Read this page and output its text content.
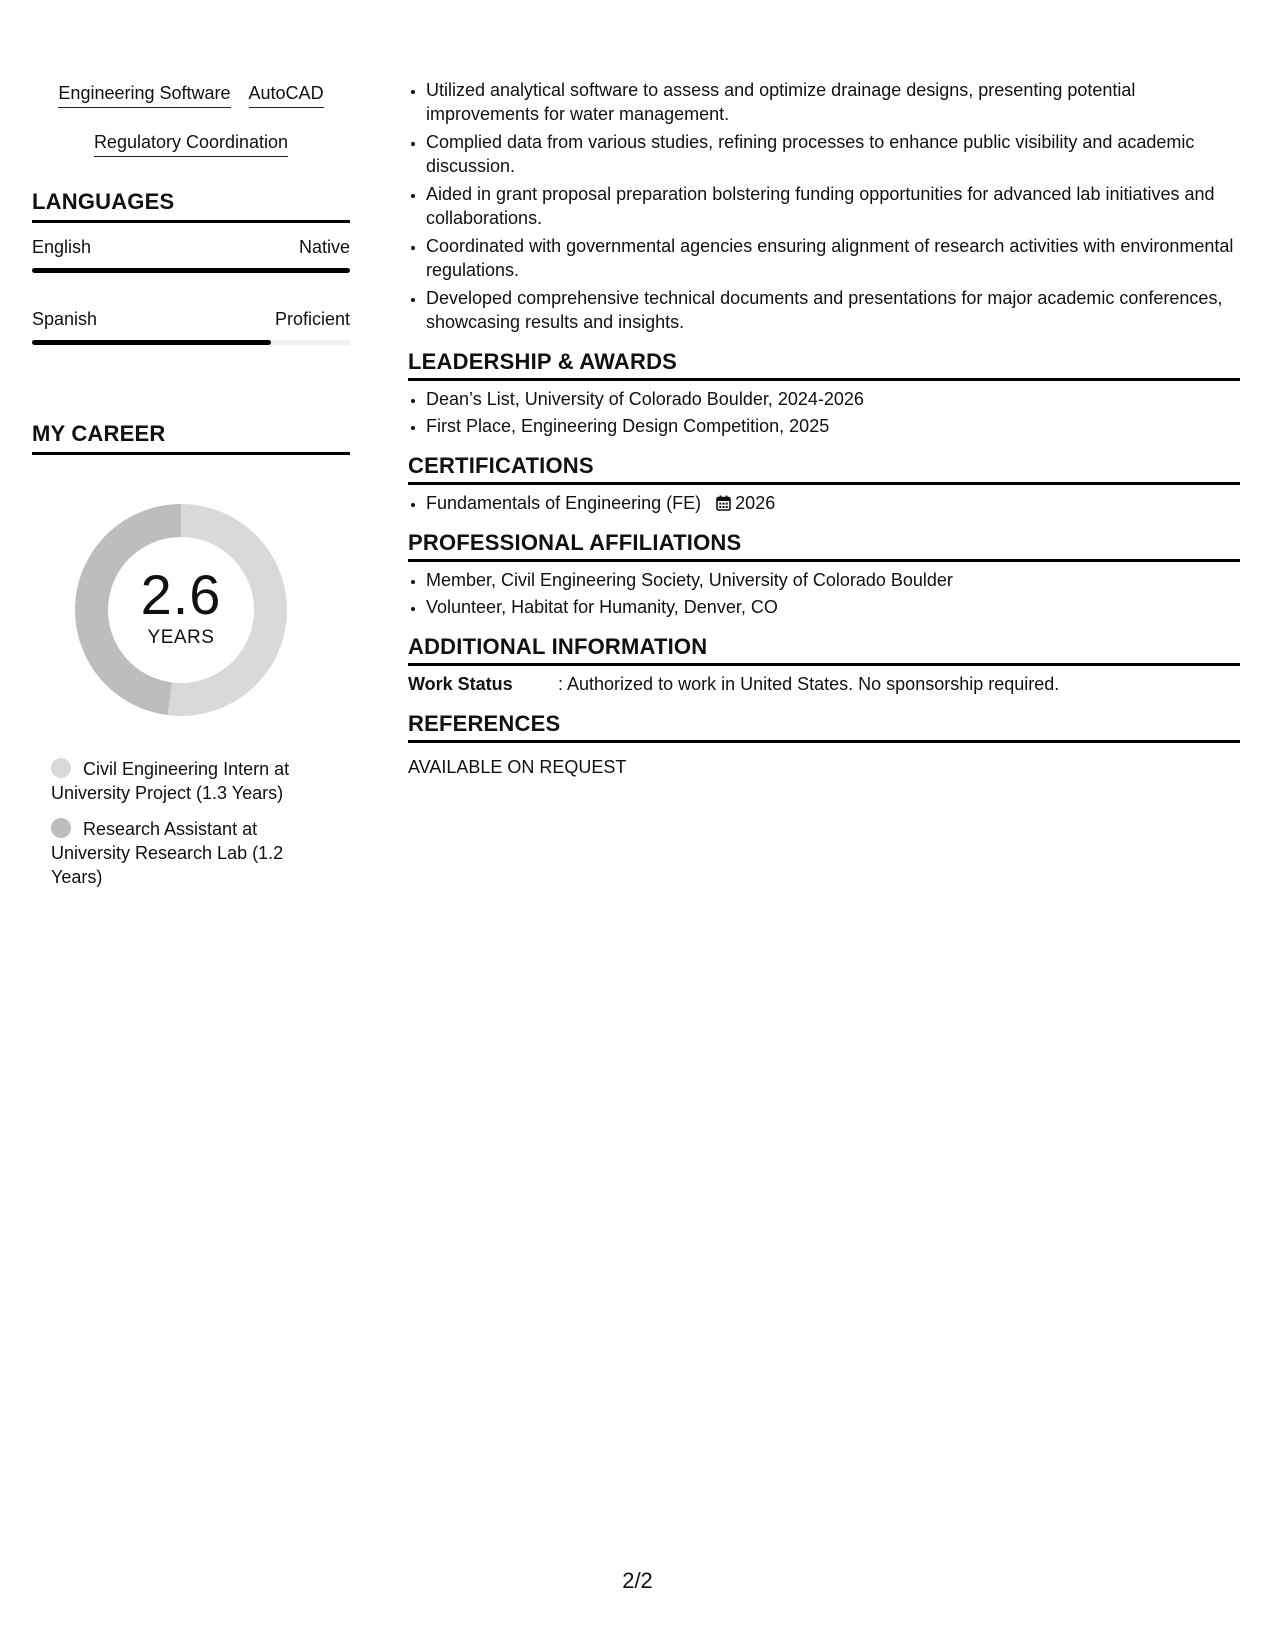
Engineering Software AutoCAD
Regulatory Coordination
LANGUAGES
English	Native
Spanish	Proficient
MY CAREER
2.6
YEARS
Civil Engineering Intern at University Project (1.3 Years)
Research Assistant at University Research Lab (1.2 Years)
• Utilized analytical software to assess and optimize drainage designs, presenting potential improvements for water management.
• Complied data from various studies, refining processes to enhance public visibility and academic discussion.
• Aided in grant proposal preparation bolstering funding opportunities for advanced lab initiatives and collaborations.
• Coordinated with governmental agencies ensuring alignment of research activities with environmental regulations.
• Developed comprehensive technical documents and presentations for major academic conferences, showcasing results and insights.
LEADERSHIP & AWARDS
• Dean’s List, University of Colorado Boulder, 2024-2026
• First Place, Engineering Design Competition, 2025
CERTIFICATIONS
• Fundamentals of Engineering (FE) 2026
PROFESSIONAL AFFILIATIONS
• Member, Civil Engineering Society, University of Colorado Boulder
• Volunteer, Habitat for Humanity, Denver, CO
ADDITIONAL INFORMATION
Work Status	: Authorized to work in United States. No sponsorship required.
REFERENCES
AVAILABLE ON REQUEST
2/2
